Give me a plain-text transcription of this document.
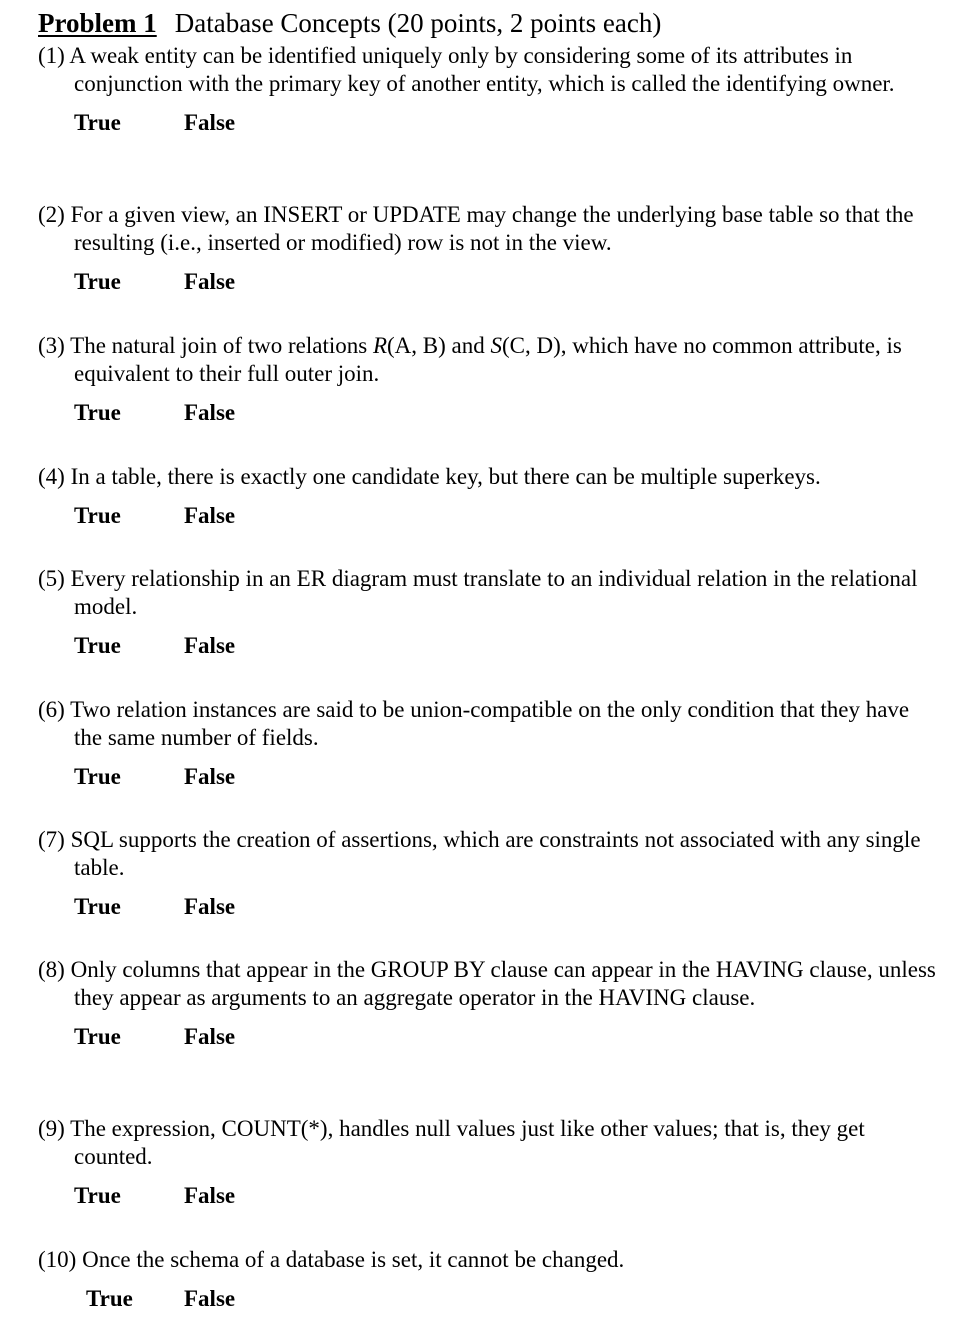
Problem 1 Database Concepts (20 points, 2 points each)

(1) A weak entity can be identified uniquely only by considering some of its attributes in conjunction with the primary key of another entity, which is called the identifying owner.

True	False

(2) For a given view, an INSERT or UPDATE may change the underlying base table so that the resulting (i.e., inserted or modified) row is not in the view.

True	False

(3) The natural join of two relations R(A, B) and S(C, D), which have no common attribute, is equivalent to their full outer join.

True	False

(4) In a table, there is exactly one candidate key, but there can be multiple superkeys.

True	False

(5) Every relationship in an ER diagram must translate to an individual relation in the relational model.

True	False

(6) Two relation instances are said to be union-compatible on the only condition that they have the same number of fields.

True	False

(7) SQL supports the creation of assertions, which are constraints not associated with any single table.

True	False

(8) Only columns that appear in the GROUP BY clause can appear in the HAVING clause, unless they appear as arguments to an aggregate operator in the HAVING clause.

True	False

(9) The expression, COUNT(*), handles null values just like other values; that is, they get counted.

True	False

(10) Once the schema of a database is set, it cannot be changed.

True False
